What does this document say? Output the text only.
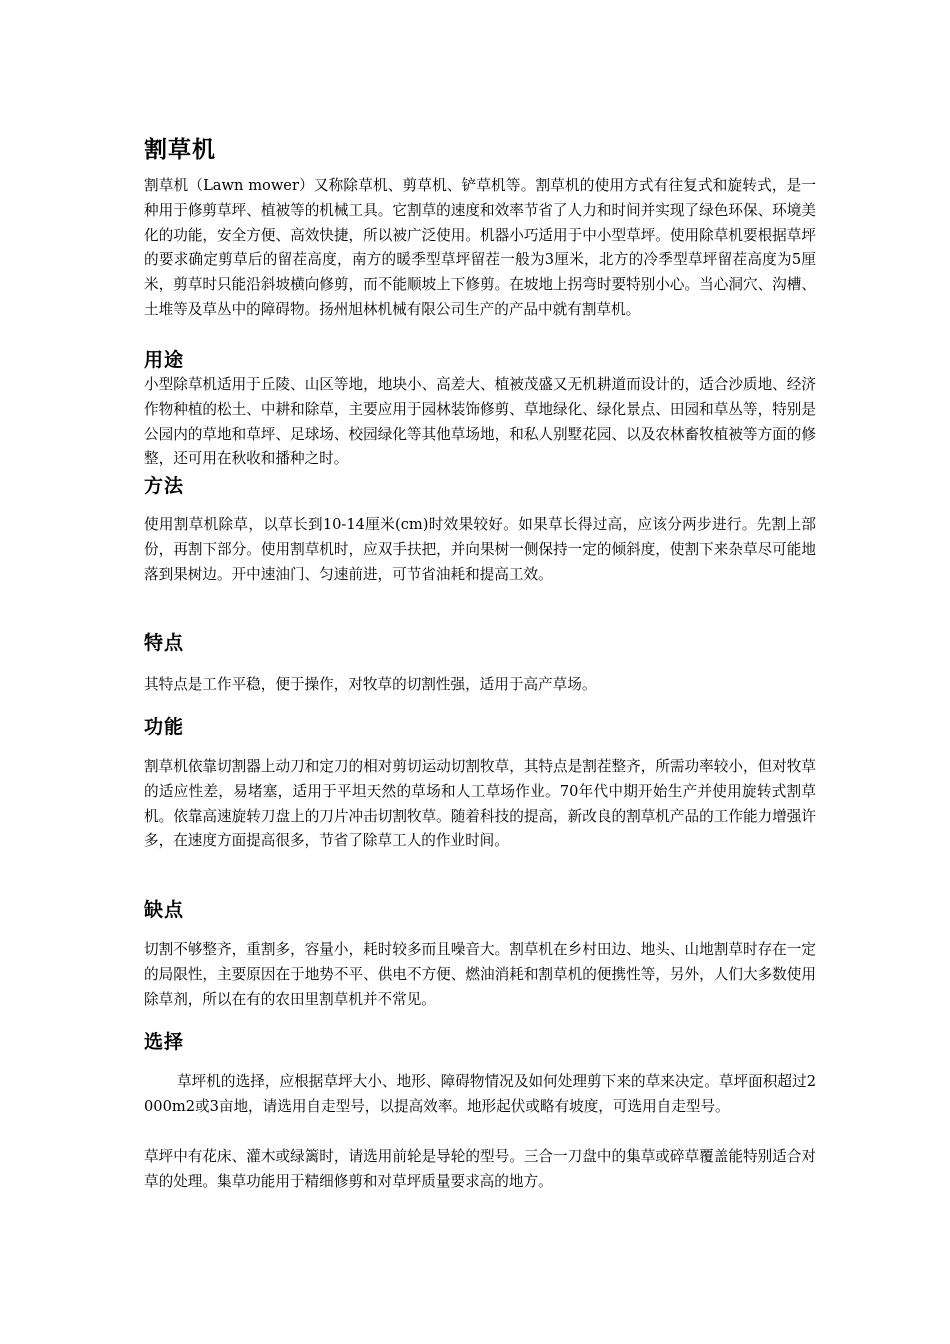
割草机

割草机（Lawn mower）又称除草机、剪草机、铲草机等。割草机的使用方式有往复式和旋转式，是一种用于修剪草坪、植被等的机械工具。它割草的速度和效率节省了人力和时间并实现了绿色环保、环境美化的功能，安全方便、高效快捷，所以被广泛使用。机器小巧适用于中小型草坪。使用除草机要根据草坪的要求确定剪草后的留茬高度，南方的暖季型草坪留茬一般为3厘米，北方的冷季型草坪留茬高度为5厘米，剪草时只能沿斜坡横向修剪，而不能顺坡上下修剪。在坡地上拐弯时要特别小心。当心洞穴、沟槽、土堆等及草丛中的障碍物。扬州旭林机械有限公司生产的产品中就有割草机。

用途

小型除草机适用于丘陵、山区等地，地块小、高差大、植被茂盛又无机耕道而设计的，适合沙质地、经济作物种植的松土、中耕和除草，主要应用于园林装饰修剪、草地绿化、绿化景点、田园和草丛等，特别是公园内的草地和草坪、足球场、校园绿化等其他草场地，和私人别墅花园、以及农林畜牧植被等方面的修整，还可用在秋收和播种之时。

方法

使用割草机除草，以草长到10-14厘米(cm)时效果较好。如果草长得过高，应该分两步进行。先割上部份，再割下部分。使用割草机时，应双手扶把，并向果树一侧保持一定的倾斜度，使割下来杂草尽可能地落到果树边。开中速油门、匀速前进，可节省油耗和提高工效。

特点

其特点是工作平稳，便于操作，对牧草的切割性强，适用于高产草场。

功能

割草机依靠切割器上动刀和定刀的相对剪切运动切割牧草，其特点是割茬整齐，所需功率较小，但对牧草的适应性差，易堵塞，适用于平坦天然的草场和人工草场作业。70年代中期开始生产并使用旋转式割草机。依靠高速旋转刀盘上的刀片冲击切割牧草。随着科技的提高，新改良的割草机产品的工作能力增强许多，在速度方面提高很多，节省了除草工人的作业时间。

缺点

切割不够整齐，重割多，容量小，耗时较多而且噪音大。割草机在乡村田边、地头、山地割草时存在一定的局限性，主要原因在于地势不平、供电不方便、燃油消耗和割草机的便携性等，另外，人们大多数使用除草剂，所以在有的农田里割草机并不常见。

选择

草坪机的选择，应根据草坪大小、地形、障碍物情况及如何处理剪下来的草来决定。草坪面积超过2000m2或3亩地，请选用自走型号，以提高效率。地形起伏或略有坡度，可选用自走型号。

草坪中有花床、灌木或绿篱时，请选用前轮是导轮的型号。三合一刀盘中的集草或碎草覆盖能特别适合对草的处理。集草功能用于精细修剪和对草坪质量要求高的地方。
